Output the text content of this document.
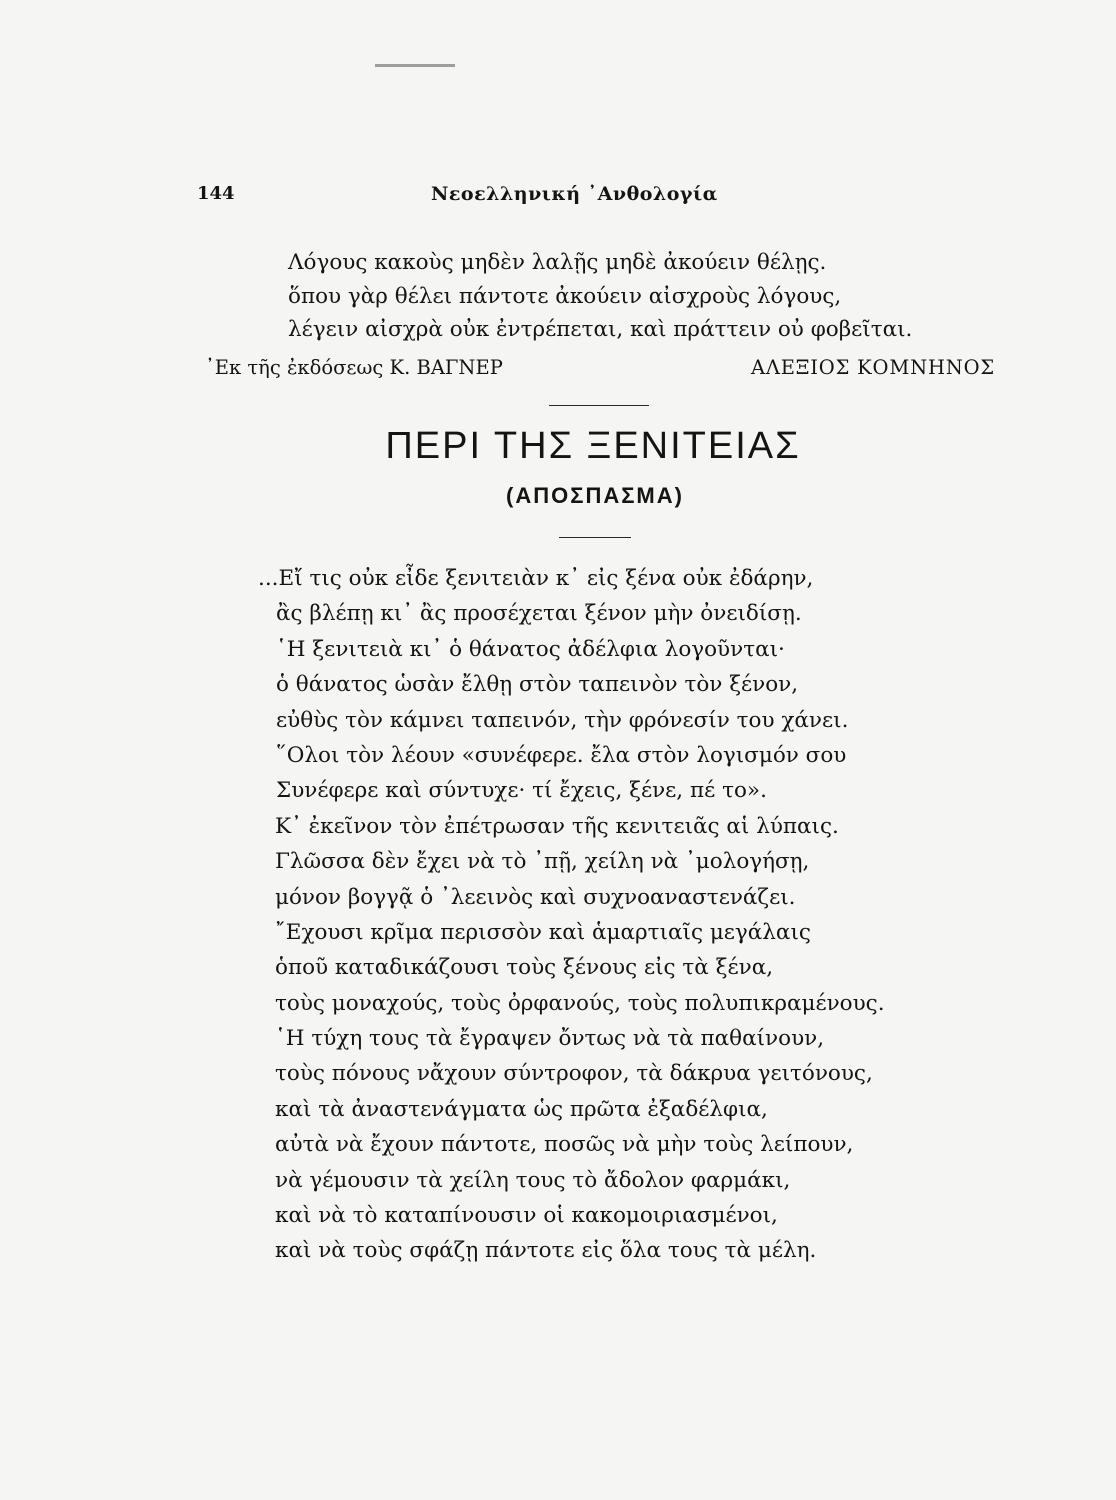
144	Νεοελληνική ᾿Ανθολογία
Λόγους κακοὺς μηδὲν λαλῇς μηδὲ ἀκούειν θέλῃς.
ὅπου γὰρ θέλει πάντοτε ἀκούειν αἰσχροὺς λόγους,
λέγειν αἰσχρὰ οὐκ ἐντρέπεται, καὶ πράττειν οὐ φοβεῖται.
᾿Εκ τῆς ἐκδόσεως Κ. ΒΑΓΝΕΡ	ΑΛΕΞΙΟΣ ΚΟΜΝΗΝΟΣ
ΠΕΡΙ ΤΗΣ ΞΕΝΙΤΕΙΑΣ
(ΑΠΟΣΠΑΣΜΑ)
...Εἴ τις οὐκ εἶδε ξενιτειὰν κ᾿ εἰς ξένα οὐκ ἐδάρην,
ἂς βλέπῃ κι᾿ ἂς προσέχεται ξένον μὴν ὀνειδίσῃ.
῾Η ξενιτειὰ κι᾿ ὁ θάνατος ἀδέλφια λογοῦνται·
ὁ θάνατος ὡσὰν ἔλθῃ στὸν ταπεινὸν τὸν ξένον,
εὐθὺς τὸν κάμνει ταπεινόν, τὴν φρόνεσίν του χάνει.
῞Ολοι τὸν λέουν «συνέφερε. ἔλα στὸν λογισμόν σου
Συνέφερε καὶ σύντυχε· τί ἔχεις, ξένε, πέ το».
Κ᾿ ἐκεῖνον τὸν ἐπέτρωσαν τῆς κενιτειᾶς αἱ λύπαις.
Γλῶσσα δὲν ἔχει νὰ τὸ ᾿πῇ, χείλη νὰ ᾿μολογήσῃ,
μόνον βογγᾷ ὁ ᾿λεεινὸς καὶ συχνοαναστενάζει.
῎Εχουσι κρῖμα περισσὸν καὶ ἁμαρτιαῖς μεγάλαις
ὁποῦ καταδικάζουσι τοὺς ξένους εἰς τὰ ξένα,
τοὺς μοναχούς, τοὺς ὀρφανούς, τοὺς πολυπικραμένους.
῾Η τύχη τους τὰ ἔγραψεν ὄντως νὰ τὰ παθαίνουν,
τοὺς πόνους νἄχουν σύντροφον, τὰ δάκρυα γειτόνους,
καὶ τὰ ἀναστενάγματα ὡς πρῶτα ἐξαδέλφια,
αὐτὰ νὰ ἔχουν πάντοτε, ποσῶς νὰ μὴν τοὺς λείπουν,
νὰ γέμουσιν τὰ χείλη τους τὸ ἄδολον φαρμάκι,
καὶ νὰ τὸ καταπίνουσιν οἱ κακομοιριασμένοι,
καὶ νὰ τοὺς σφάζῃ πάντοτε εἰς ὅλα τους τὰ μέλη.
